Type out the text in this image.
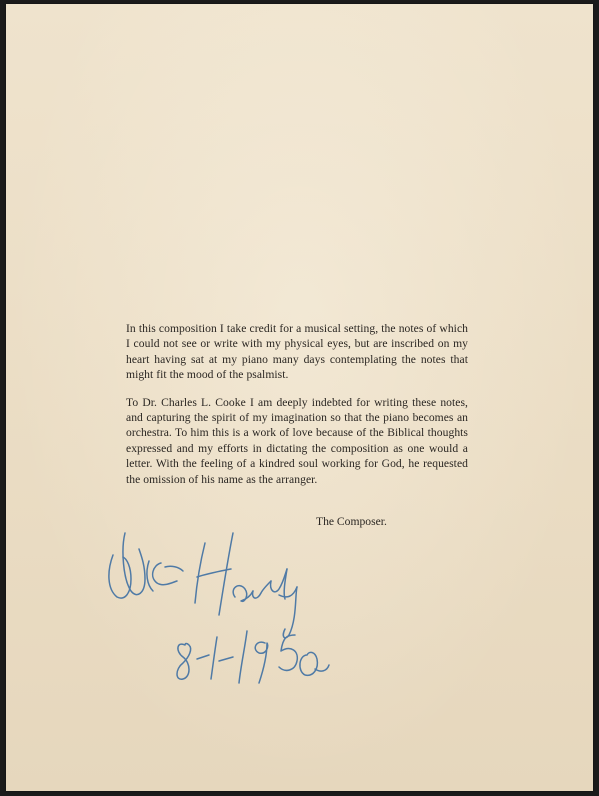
In this composition I take credit for a musical setting, the notes of which I could not see or write with my physical eyes, but are inscribed on my heart having sat at my piano many days contemplating the notes that might fit the mood of the psalmist.

To Dr. Charles L. Cooke I am deeply indebted for writing these notes, and capturing the spirit of my imagination so that the piano becomes an orchestra. To him this is a work of love because of the Biblical thoughts expressed and my efforts in dictating the composition as one would a letter. With the feeling of a kindred soul working for God, he requested the omission of his name as the arranger.

The Composer.
